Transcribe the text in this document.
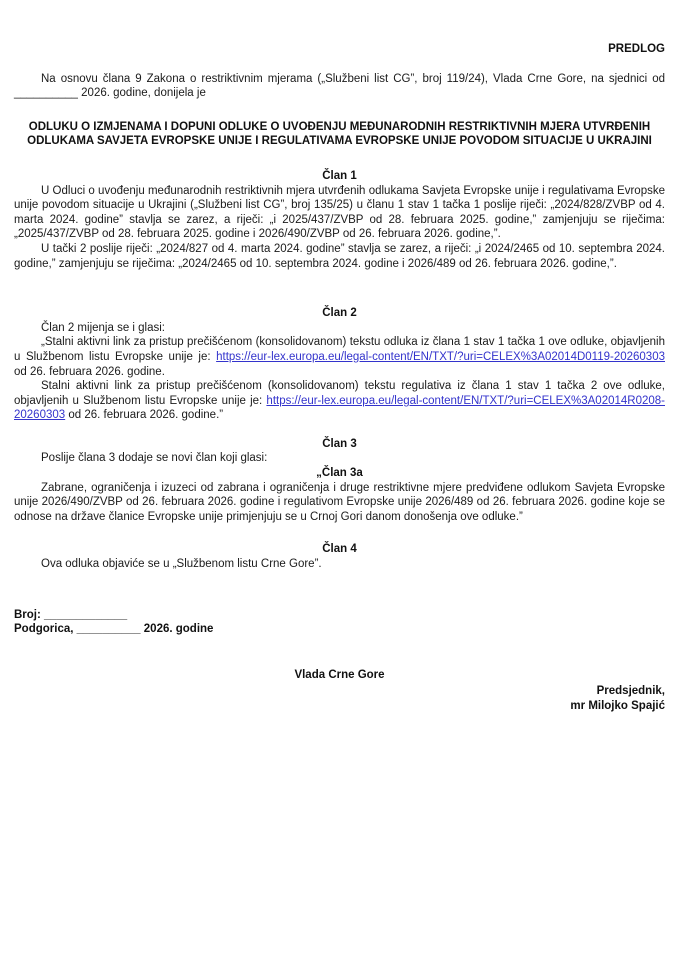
PREDLOG

Na osnovu člana 9 Zakona o restriktivnim mjerama („Službeni list CG”, broj 119/24), Vlada Crne Gore, na sjednici od __________ 2026. godine, donijela je

ODLUKU O IZMJENAMA I DOPUNI ODLUKE O UVOĐENJU MEĐUNARODNIH RESTRIKTIVNIH MJERA UTVRĐENIH ODLUKAMA SAVJETA EVROPSKE UNIJE I REGULATIVAMA EVROPSKE UNIJE POVODOM SITUACIJE U UKRAJINI
Član 1

U Odluci o uvođenju međunarodnih restriktivnih mjera utvrđenih odlukama Savjeta Evropske unije i regulativama Evropske unije povodom situacije u Ukrajini („Službeni list CG”, broj 135/25) u članu 1 stav 1 tačka 1 poslije riječi: „2024/828/ZVBP od 4. marta 2024. godine” stavlja se zarez, a riječi: „i 2025/437/ZVBP od 28. februara 2025. godine,” zamjenjuju se riječima: „2025/437/ZVBP od 28. februara 2025. godine i 2026/490/ZVBP od 26. februara 2026. godine,”.

U tački 2 poslije riječi: „2024/827 od 4. marta 2024. godine” stavlja se zarez, a riječi: „i 2024/2465 od 10. septembra 2024. godine,” zamjenjuju se riječima: „2024/2465 od 10. septembra 2024. godine i 2026/489 od 26. februara 2026. godine,”.

Član 2

Član 2 mijenja se i glasi:

„Stalni aktivni link za pristup prečišćenom (konsolidovanom) tekstu odluka iz člana 1 stav 1 tačka 1 ove odluke, objavljenih u Službenom listu Evropske unije je: https://eur-lex.europa.eu/legal-content/EN/TXT/?uri=CELEX%3A02014D0119-20260303 od 26. februara 2026. godine.

Stalni aktivni link za pristup prečišćenom (konsolidovanom) tekstu regulativa iz člana 1 stav 1 tačka 2 ove odluke, objavljenih u Službenom listu Evropske unije je: https://eur-lex.europa.eu/legal-content/EN/TXT/?uri=CELEX%3A02014R0208-20260303 od 26. februara 2026. godine.”

Član 3

Poslije člana 3 dodaje se novi član koji glasi:

„Član 3a

Zabrane, ograničenja i izuzeci od zabrana i ograničenja i druge restriktivne mjere predviđene odlukom Savjeta Evropske unije 2026/490/ZVBP od 26. februara 2026. godine i regulativom Evropske unije 2026/489 od 26. februara 2026. godine koje se odnose na države članice Evropske unije primjenjuju se u Crnoj Gori danom donošenja ove odluke.”

Član 4

Ova odluka objaviće se u „Službenom listu Crne Gore”.

Broj: _____________

Podgorica, __________ 2026. godine

Vlada Crne Gore
Predsjednik,
mr Milojko Spajić
